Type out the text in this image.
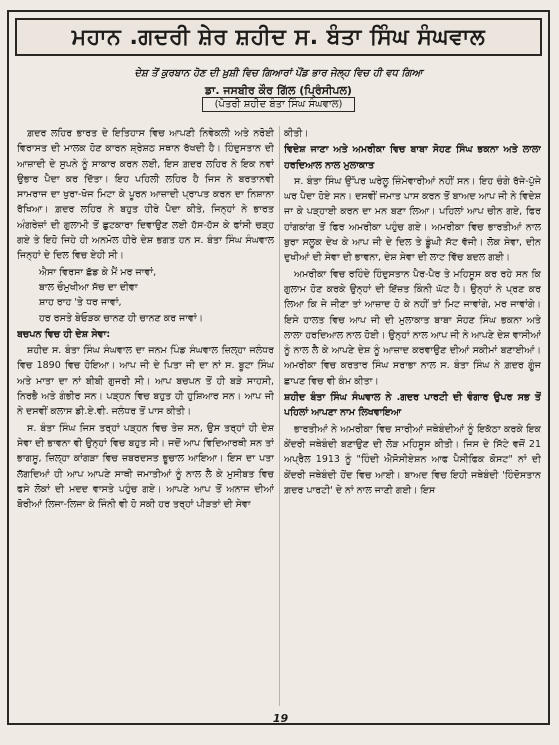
ਮਹਾਨ .ਗਦਰੀ ਸ਼ੇਰ ਸ਼ਹੀਦ ਸ. ਬੰਤਾ ਸਿੰਘ ਸੰਘਵਾਲ
ਦੇਸ਼ ਤੋਂ ਕੁਰਬਾਨ ਹੋਣ ਦੀ ਖ਼ੁਸ਼ੀ ਵਿਚ ਗਿਆਰਾਂ ਪੌਂਡ ਭਾਰ ਜੇਲ੍ਹ ਵਿਚ ਹੀ ਵਧ ਗਿਆ
ਡਾ. ਜਸਬੀਰ ਕੌਰ ਗਿੱਲ (ਪ੍ਰਿੰਸੀਪਲ)
(ਪੋਤਰੀ ਸ਼ਹੀਦ ਬੰਤਾ ਸਿੰਘ ਸੰਘਵਾਲ)

ਗ਼ਦਰ ਲਹਿਰ ਭਾਰਤ ਦੇ ਇਤਿਹਾਸ ਵਿਚ ਆਪਣੀ ਨਿਵੇਕਲੀ ਅਤੇ ਨਰੋਈ ਵਿਰਾਸਤ ਦੀ ਮਾਲਕ ਹੋਣ ਕਾਰਨ ਸ਼੍ਰੇਸ਼ਠ ਸਥਾਨ ਰੱਖਦੀ ਹੈ। ਹਿੰਦੁਸਤਾਨ ਦੀ ਆਜ਼ਾਦੀ ਦੇ ਸੁਪਨੇ ਨੂੰ ਸਾਕਾਰ ਕਰਨ ਲਈ, ਇਸ ਗ਼ਦਰ ਲਹਿਰ ਨੇ ਇਕ ਨਵਾਂ ਉਭਾਰ ਪੈਦਾ ਕਰ ਦਿੱਤਾ। ਇਹ ਪਹਿਲੀ ਲਹਿਰ ਹੈ ਜਿਸ ਨੇ ਬਰਤਾਨਵੀ ਸਾਮਰਾਜ ਦਾ ਖੁਰਾ-ਖੋਜ ਮਿਟਾ ਕੇ ਪੂਰਨ ਆਜ਼ਾਦੀ ਪ੍ਰਾਪਤ ਕਰਨ ਦਾ ਨਿਸ਼ਾਨਾ ਰੱਖਿਆ। ਗ਼ਦਰ ਲਹਿਰ ਨੇ ਬਹੁਤ ਹੀਰੇ ਪੈਦਾ ਕੀਤੇ, ਜਿਨ੍ਹਾਂ ਨੇ ਭਾਰਤ ਅੰਗਰੇਜ਼ਾਂ ਦੀ ਗੁਲਾਮੀ ਤੋਂ ਛੁਟਕਾਰਾ ਦਿਵਾਉਣ ਲਈ ਹੱਸ-ਹੱਸ ਕੇ ਫਾਂਸੀ ਚੜ੍ਹ ਗਏ ਤੇ ਇਹੋ ਜਿਹੇ ਹੀ ਅਨਮੋਲ ਹੀਰੇ ਦੇਸ਼ ਭਗਤ ਹਨ ਸ. ਬੰਤਾ ਸਿੰਘ ਸੰਘਵਾਲ ਜਿਨ੍ਹਾਂ ਦੇ ਦਿਲ ਵਿਚ ਏਹੀ ਸੀ।

ਐਸਾ ਵਿਰਸਾ ਛੱਡ ਕੇ ਮੈਂ ਮਰ ਜਾਵਾਂ,

ਬਾਲ ਚੌਮੁਖੀਆ ਸੱਚ ਦਾ ਦੀਵਾ

ਸ਼ਾਹ ਰਾਹ 'ਤੇ ਧਰ ਜਾਵਾਂ,

ਹਰ ਰਸਤੇ ਬੇਓੜਕ ਚਾਨਣ ਹੀ ਚਾਨਣ ਕਰ ਜਾਵਾਂ।

ਬਚਪਨ ਵਿਚ ਹੀ ਦੇਸ਼ ਸੇਵਾ:

ਸ਼ਹੀਦ ਸ. ਬੰਤਾ ਸਿੰਘ ਸੰਘਵਾਲ ਦਾ ਜਨਮ ਪਿੰਡ ਸੰਘਵਾਲ ਜ਼ਿਲ੍ਹਾ ਜਲੰਧਰ ਵਿਚ 1890 ਵਿਚ ਹੋਇਆ। ਆਪ ਜੀ ਦੇ ਪਿਤਾ ਜੀ ਦਾ ਨਾਂ ਸ. ਬੂਟਾ ਸਿੰਘ ਅਤੇ ਮਾਤਾ ਦਾ ਨਾਂ ਬੀਬੀ ਗੁਜਰੀ ਸੀ। ਆਪ ਬਚਪਨ ਤੋਂ ਹੀ ਬੜੇ ਸਾਹਸੀ, ਨਿਰਭੈ ਅਤੇ ਗੰਭੀਰ ਸਨ। ਪੜ੍ਹਨ ਵਿਚ ਬਹੁਤ ਹੀ ਹੁਸ਼ਿਆਰ ਸਨ। ਆਪ ਜੀ ਨੇ ਦਸਵੀਂ ਕਲਾਸ ਡੀ.ਏ.ਵੀ. ਜਲੰਧਰ ਤੋਂ ਪਾਸ ਕੀਤੀ।

ਸ. ਬੰਤਾ ਸਿੰਘ ਜਿਸ ਤਰ੍ਹਾਂ ਪੜ੍ਹਨ ਵਿਚ ਤੇਜ਼ ਸਨ, ਉਸ ਤਰ੍ਹਾਂ ਹੀ ਦੇਸ਼ ਸੇਵਾ ਦੀ ਭਾਵਨਾ ਵੀ ਉਨ੍ਹਾਂ ਵਿਚ ਬਹੁਤ ਸੀ। ਜਦੋਂ ਆਪ ਵਿਦਿਆਰਥੀ ਸਨ ਤਾਂ ਭਾਗਸੂ, ਜ਼ਿਲ੍ਹਾ ਕਾਂਗੜਾ ਵਿਚ ਜ਼ਬਰਦਸਤ ਭੂਚਾਲ ਆਇਆ। ਇਸ ਦਾ ਪਤਾ ਲੱਗਦਿਆਂ ਹੀ ਆਪ ਆਪਣੇ ਸਾਥੀ ਜਮਾਤੀਆਂ ਨੂੰ ਨਾਲ ਲੈ ਕੇ ਮੁਸੀਬਤ ਵਿਚ ਫਸੇ ਲੋਕਾਂ ਦੀ ਮਦਦ ਵਾਸਤੇ ਪਹੁੰਚ ਗਏ। ਆਪਣੇ ਆਪ ਤੋਂ ਅਨਾਜ ਦੀਆਂ ਬੋਰੀਆਂ ਲਿਜਾ-ਲਿਜਾ ਕੇ ਜਿੰਨੀ ਵੀ ਹੋ ਸਕੀ ਹਰ ਤਰ੍ਹਾਂ ਪੀੜਤਾਂ ਦੀ ਸੇਵਾ

ਕੀਤੀ।

ਵਿਦੇਸ਼ ਜਾਣਾ ਅਤੇ ਅਮਰੀਕਾ ਵਿਚ ਬਾਬਾ ਸੋਹਣ ਸਿੰਘ ਭਕਨਾ ਅਤੇ ਲਾਲਾ ਹਰਦਿਆਲ ਨਾਲ ਮੁਲਾਕਾਤ

ਸ. ਬੰਤਾ ਸਿੰਘ ਉੱਪਰ ਘਰੇਲੂ ਜ਼ਿੰਮੇਵਾਰੀਆਂ ਨਹੀਂ ਸਨ। ਇਹ ਚੰਗੇ ਰੱਜੇ-ਪੁੱਜੇ ਘਰ ਪੈਦਾ ਹੋਏ ਸਨ। ਦਸਵੀਂ ਜਮਾਤ ਪਾਸ ਕਰਨ ਤੋਂ ਬਾਅਦ ਆਪ ਜੀ ਨੇ ਵਿਦੇਸ਼ ਜਾ ਕੇ ਪੜ੍ਹਾਈ ਕਰਨ ਦਾ ਮਨ ਬਣਾ ਲਿਆ। ਪਹਿਲਾਂ ਆਪ ਚੀਨ ਗਏ, ਫਿਰ ਹਾਂਗਕਾਂਗ ਤੋਂ ਫਿਰ ਅਮਰੀਕਾ ਪਹੁੰਚ ਗਏ। ਅਮਰੀਕਾ ਵਿਚ ਭਾਰਤੀਆਂ ਨਾਲ ਬੁਰਾ ਸਲੂਕ ਦੇਖ ਕੇ ਆਪ ਜੀ ਦੇ ਦਿਲ ਤੇ ਡੂੰਘੀ ਸੱਟ ਵੱਜੀ। ਲੋਕ ਸੇਵਾ, ਦੀਨ ਦੁਖੀਆਂ ਦੀ ਸੇਵਾ ਦੀ ਭਾਵਨਾ, ਦੇਸ਼ ਸੇਵਾ ਦੀ ਲਾਟ ਵਿੱਚ ਬਦਲ ਗਈ।

ਅਮਰੀਕਾ ਵਿਚ ਰਹਿੰਦੇ ਹਿੰਦੁਸਤਾਨ ਪੈਰ-ਪੈਰ ਤੇ ਮਹਿਸੂਸ ਕਰ ਰਹੇ ਸਨ ਕਿ ਗੁਲਾਮ ਹੋਣ ਕਰਕੇ ਉਨ੍ਹਾਂ ਦੀ ਇੱਜ਼ਤ ਕਿੰਨੀ ਘੱਟ ਹੈ। ਉਨ੍ਹਾਂ ਨੇ ਪ੍ਰਣ ਕਰ ਲਿਆ ਕਿ ਜੇ ਜੀਣਾ ਤਾਂ ਆਜ਼ਾਦ ਹੋ ਕੇ ਨਹੀਂ ਤਾਂ ਮਿਟ ਜਾਵਾਂਗੇ, ਮਰ ਜਾਵਾਂਗੇ। ਇਸੇ ਹਾਲਤ ਵਿਚ ਆਪ ਜੀ ਦੀ ਮੁਲਾਕਾਤ ਬਾਬਾ ਸੋਹਣ ਸਿੰਘ ਭਕਨਾ ਅਤੇ ਲਾਲਾ ਹਰਦਿਆਲ ਨਾਲ ਹੋਈ। ਉਨ੍ਹਾਂ ਨਾਲ ਆਪ ਜੀ ਨੇ ਆਪਣੇ ਦੇਸ਼ ਵਾਸੀਆਂ ਨੂੰ ਨਾਲ ਲੈ ਕੇ ਆਪਣੇ ਦੇਸ਼ ਨੂੰ ਆਜ਼ਾਦ ਕਰਵਾਉਣ ਦੀਆਂ ਸਕੀਮਾਂ ਬਣਾਈਆਂ। ਅਮਰੀਕਾ ਵਿਚ ਕਰਤਾਰ ਸਿੰਘ ਸਰਾਭਾ ਨਾਲ ਸ. ਬੰਤਾ ਸਿੰਘ ਨੇ ਗ਼ਦਰ ਗੂੰਜ ਛਾਪਣ ਵਿਚ ਵੀ ਕੰਮ ਕੀਤਾ।

ਸ਼ਹੀਦ ਬੰਤਾ ਸਿੰਘ ਸੰਘਵਾਲ ਨੇ .ਗਦਰ ਪਾਰਟੀ ਦੀ ਵੰਗਾਰ ਉਪਰ ਸਭ ਤੋਂ ਪਹਿਲਾਂ ਆਪਣਾ ਨਾਮ ਲਿਖਵਾਇਆ

ਭਾਰਤੀਆਂ ਨੇ ਅਮਰੀਕਾ ਵਿਚ ਸਾਰੀਆਂ ਜਥੇਬੰਦੀਆਂ ਨੂੰ ਇਕੱਠਾ ਕਰਕੇ ਇਕ ਕੇਂਦਰੀ ਜਥੇਬੰਦੀ ਬਣਾਉਣ ਦੀ ਲੋੜ ਮਹਿਸੂਸ ਕੀਤੀ। ਜਿਸ ਦੇ ਸਿੱਟੇ ਵਜੋਂ 21 ਅਪ੍ਰੈਲ 1913 ਨੂੰ "ਹਿੰਦੀ ਐਸੋਸੀਏਸ਼ਨ ਆਫ ਪੈਸੀਫਿਕ ਕੋਸਟ" ਨਾਂ ਦੀ ਕੇਂਦਰੀ ਜਥੇਬੰਦੀ ਹੋਂਦ ਵਿਚ ਆਈ। ਬਾਅਦ ਵਿਚ ਇਹੀ ਜਥੇਬੰਦੀ 'ਹਿੰਦੋਸਤਾਨ ਗ਼ਦਰ ਪਾਰਟੀ' ਦੇ ਨਾਂ ਨਾਲ ਜਾਣੀ ਗਈ। ਇਸ

19
